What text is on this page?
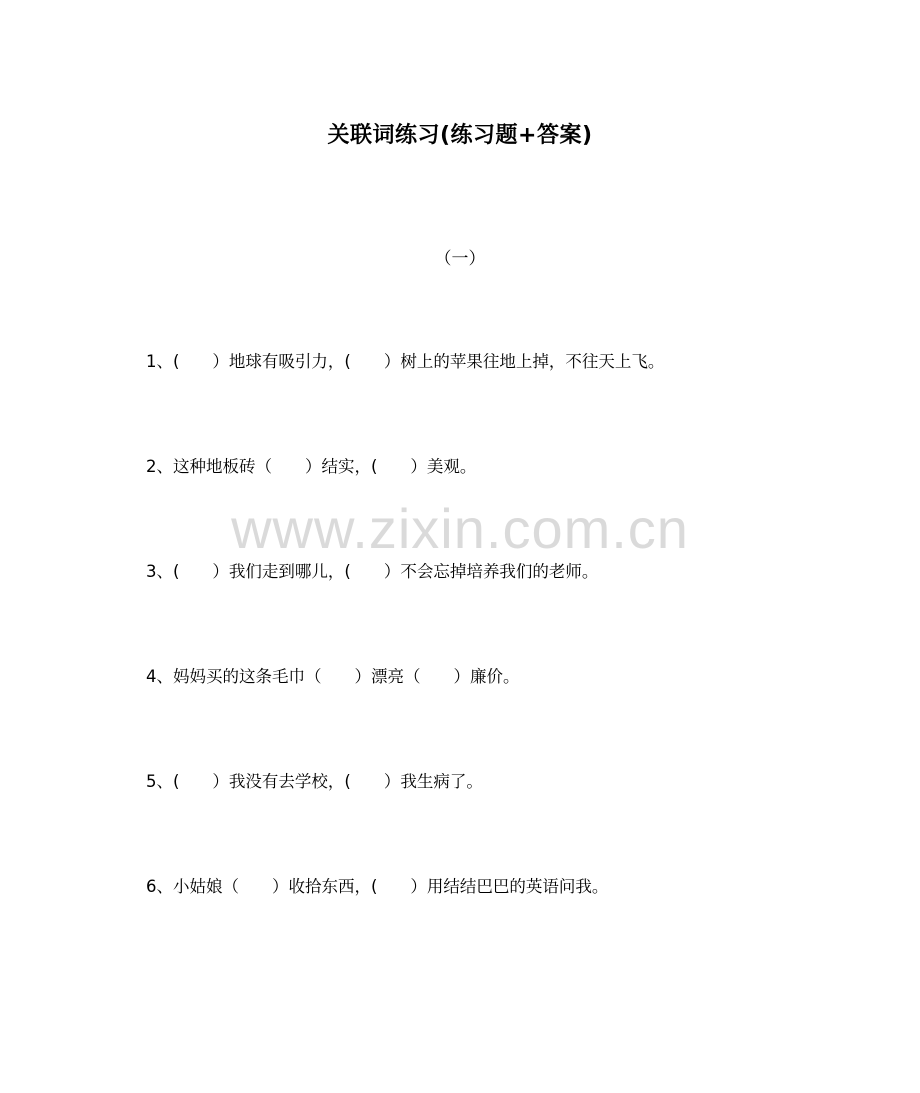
关联词练习(练习题+答案)
（一）
1、(　　）地球有吸引力，(　　）树上的苹果往地上掉，不往天上飞。
2、这种地板砖（　　）结实，(　　）美观。
www.zixin.com.cn
3、(　　）我们走到哪儿，(　　）不会忘掉培养我们的老师。
4、妈妈买的这条毛巾（　　）漂亮（　　）廉价。
5、(　　）我没有去学校，(　　）我生病了。
6、小姑娘（　　）收拾东西，(　　）用结结巴巴的英语问我。
